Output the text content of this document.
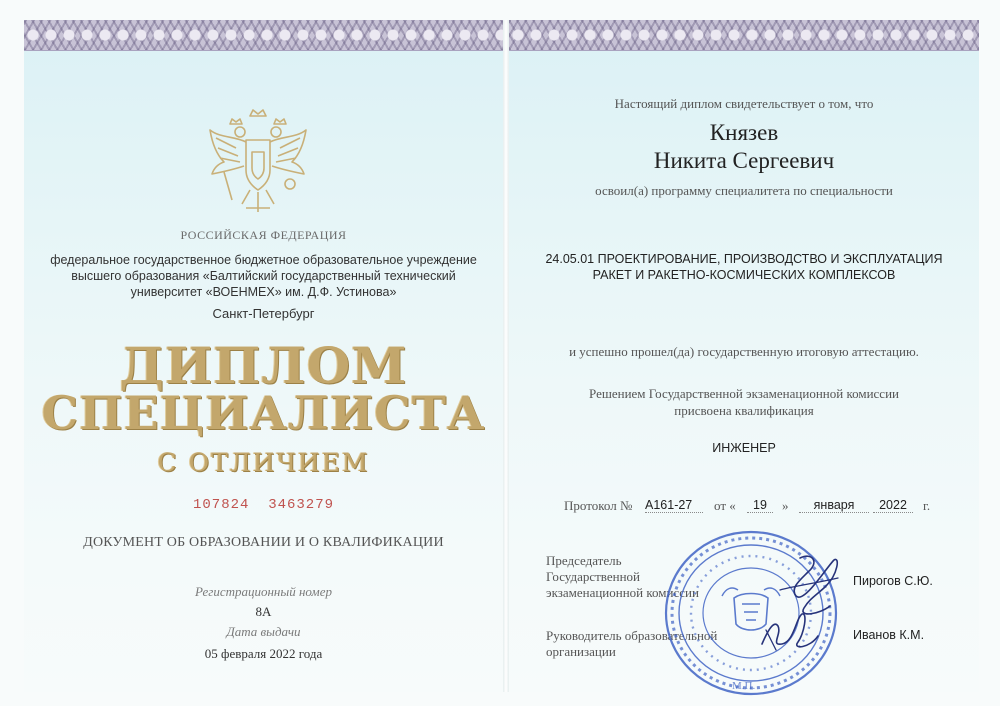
РОССИЙСКАЯ ФЕДЕРАЦИЯ
федеральное государственное бюджетное образовательное учреждение
высшего образования «Балтийский государственный технический
университет «ВОЕНМЕХ» им. Д.Ф. Устинова»
Санкт-Петербург
ДИПЛОМ
СПЕЦИАЛИСТА
С ОТЛИЧИЕМ
107824  3463279
ДОКУМЕНТ ОБ ОБРАЗОВАНИИ И О КВАЛИФИКАЦИИ
Регистрационный номер
8А
Дата выдачи
05 февраля 2022 года
Настоящий диплом свидетельствует о том, что
Князев
Никита Сергеевич
освоил(а) программу специалитета по специальности
24.05.01 ПРОЕКТИРОВАНИЕ, ПРОИЗВОДСТВО И ЭКСПЛУАТАЦИЯ
РАКЕТ И РАКЕТНО-КОСМИЧЕСКИХ КОМПЛЕКСОВ
и успешно прошел(да) государственную итоговую аттестацию.
Решением Государственной экзаменационной комиссии
присвоена квалификация
ИНЖЕНЕР
Протокол № А161-27	от «	19	»	января	2022	г.
Председатель
Государственной
экзаменационной комиссии
Пирогов С.Ю.
Руководитель образовательной
организации
Иванов К.М.
М.П.
